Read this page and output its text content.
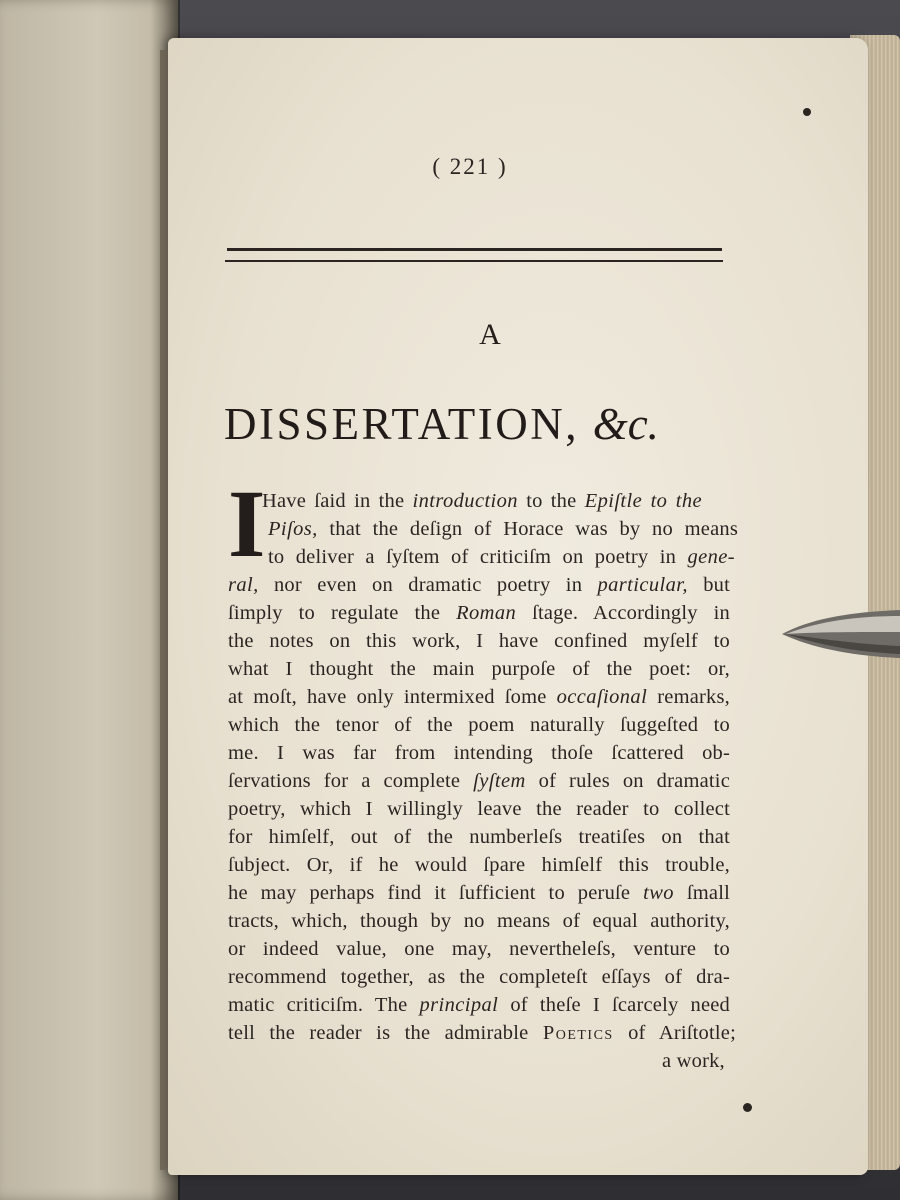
( 221 )
A
DISSERTATION, &c.
I
Have ſaid in the introduction to the Epiſtle to the
Piſos, that the deſign of Horace was by no means
to deliver a ſyſtem of criticiſm on poetry in gene-
ral, nor even on dramatic poetry in particular, but
ſimply to regulate the Roman ſtage. Accordingly in
the notes on this work, I have confined myſelf to
what I thought the main purpoſe of the poet: or,
at moſt, have only intermixed ſome occaſional remarks,
which the tenor of the poem naturally ſuggeſted to
me. I was far from intending thoſe ſcattered ob-
ſervations for a complete ſyſtem of rules on dramatic
poetry, which I willingly leave the reader to collect
for himſelf, out of the numberleſs treatiſes on that
ſubject. Or, if he would ſpare himſelf this trouble,
he may perhaps find it ſufficient to peruſe two ſmall
tracts, which, though by no means of equal authority,
or indeed value, one may, nevertheleſs, venture to
recommend together, as the completeſt eſſays of dra-
matic criticiſm. The principal of theſe I ſcarcely need
tell the reader is the admirable Poetics of Ariſtotle;
a work,
